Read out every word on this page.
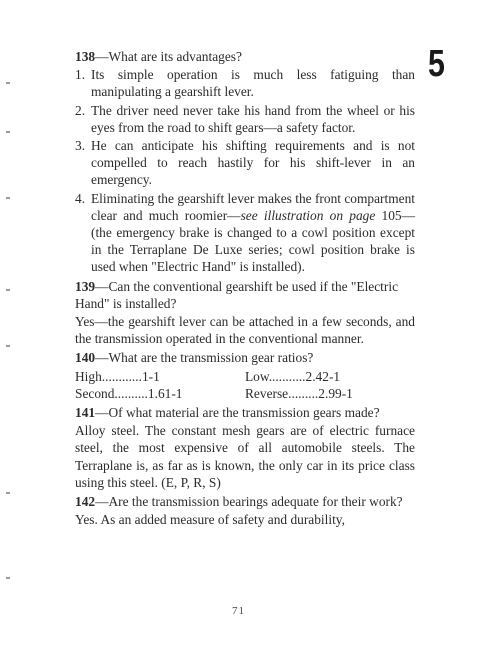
5
138—What are its advantages?
1. Its simple operation is much less fatiguing than manipulating a gearshift lever.
2. The driver need never take his hand from the wheel or his eyes from the road to shift gears—a safety factor.
3. He can anticipate his shifting requirements and is not compelled to reach hastily for his shift-lever in an emergency.
4. Eliminating the gearshift lever makes the front compartment clear and much roomier—see illustration on page 105—(the emergency brake is changed to a cowl position except in the Terraplane De Luxe series; cowl position brake is used when "Electric Hand" is installed).
139—Can the conventional gearshift be used if the "Electric Hand" is installed?
Yes—the gearshift lever can be attached in a few seconds, and the transmission operated in the conventional manner.
140—What are the transmission gear ratios?
High............1-1	Low...........2.42-1
Second..........1.61-1	Reverse.........2.99-1
141—Of what material are the transmission gears made?
Alloy steel. The constant mesh gears are of electric furnace steel, the most expensive of all automobile steels. The Terraplane is, as far as is known, the only car in its price class using this steel. (E, P, R, S)
142—Are the transmission bearings adequate for their work?
Yes. As an added measure of safety and durability,
71
